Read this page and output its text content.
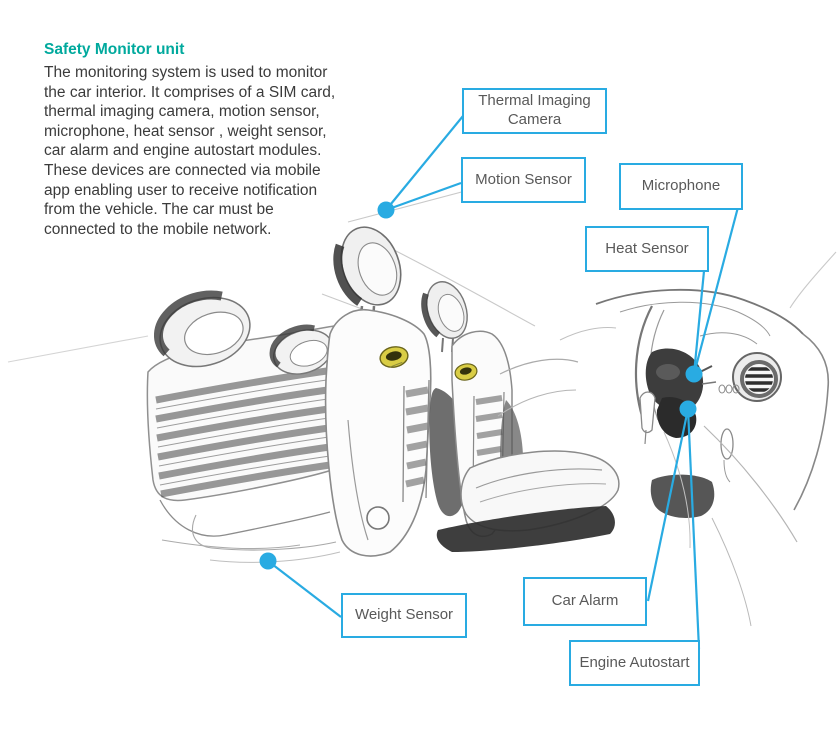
Safety Monitor unit

The monitoring system is used to monitor the car interior. It comprises of a SIM card, thermal imaging camera, motion sensor, microphone, heat sensor , weight sensor, car alarm and engine autostart modules. These devices are connected via mobile app enabling user to receive notification from the vehicle. The car must be connected to the mobile network.

Thermal Imaging Camera
Motion Sensor	Microphone
Heat Sensor
Car Alarm
Engine Autostart
Weight Sensor
